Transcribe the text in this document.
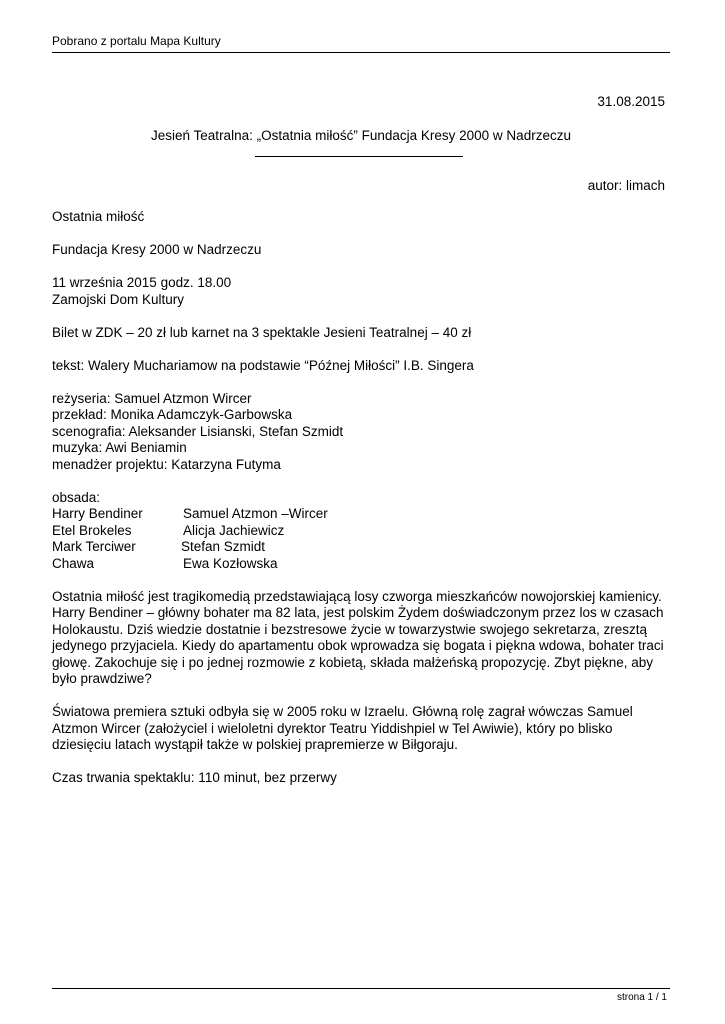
Pobrano z portalu Mapa Kultury
31.08.2015
Jesień Teatralna: „Ostatnia miłość” Fundacja Kresy 2000 w Nadrzeczu
autor: limach

Ostatnia miłość

Fundacja Kresy 2000 w Nadrzeczu

11 września 2015 godz. 18.00
Zamojski Dom Kultury

Bilet w ZDK – 20 zł lub karnet na 3 spektakle Jesieni Teatralnej – 40 zł

tekst: Walery Muchariamow na podstawie “Późnej Miłości” I.B. Singera

reżyseria: Samuel Atzmon Wircer
przekład: Monika Adamczyk-Garbowska
scenografia: Aleksander Lisianski, Stefan Szmidt
muzyka: Awi Beniamin
menadżer projektu: Katarzyna Futyma

obsada:
Harry Bendiner	Samuel Atzmon –Wircer
Etel Brokeles	Alicja Jachiewicz
Mark Terciwer	Stefan Szmidt
Chawa	Ewa Kozłowska

Ostatnia miłość jest tragikomedią przedstawiającą losy czworga mieszkańców nowojorskiej kamienicy. Harry Bendiner – główny bohater ma 82 lata, jest polskim Żydem doświadczonym przez los w czasach Holokaustu. Dziś wiedzie dostatnie i bezstresowe życie w towarzystwie swojego sekretarza, zresztą jedynego przyjaciela. Kiedy do apartamentu obok wprowadza się bogata i piękna wdowa, bohater traci głowę. Zakochuje się i po jednej rozmowie z kobietą, składa małżeńską propozycję. Zbyt piękne, aby było prawdziwe?

Światowa premiera sztuki odbyła się w 2005 roku w Izraelu. Główną rolę zagrał wówczas Samuel Atzmon Wircer (założyciel i wieloletni dyrektor Teatru Yiddishpiel w Tel Awiwie), który po blisko dziesięciu latach wystąpił także w polskiej prapremierze w Biłgoraju.

Czas trwania spektaklu: 110 minut, bez przerwy

strona 1 / 1
